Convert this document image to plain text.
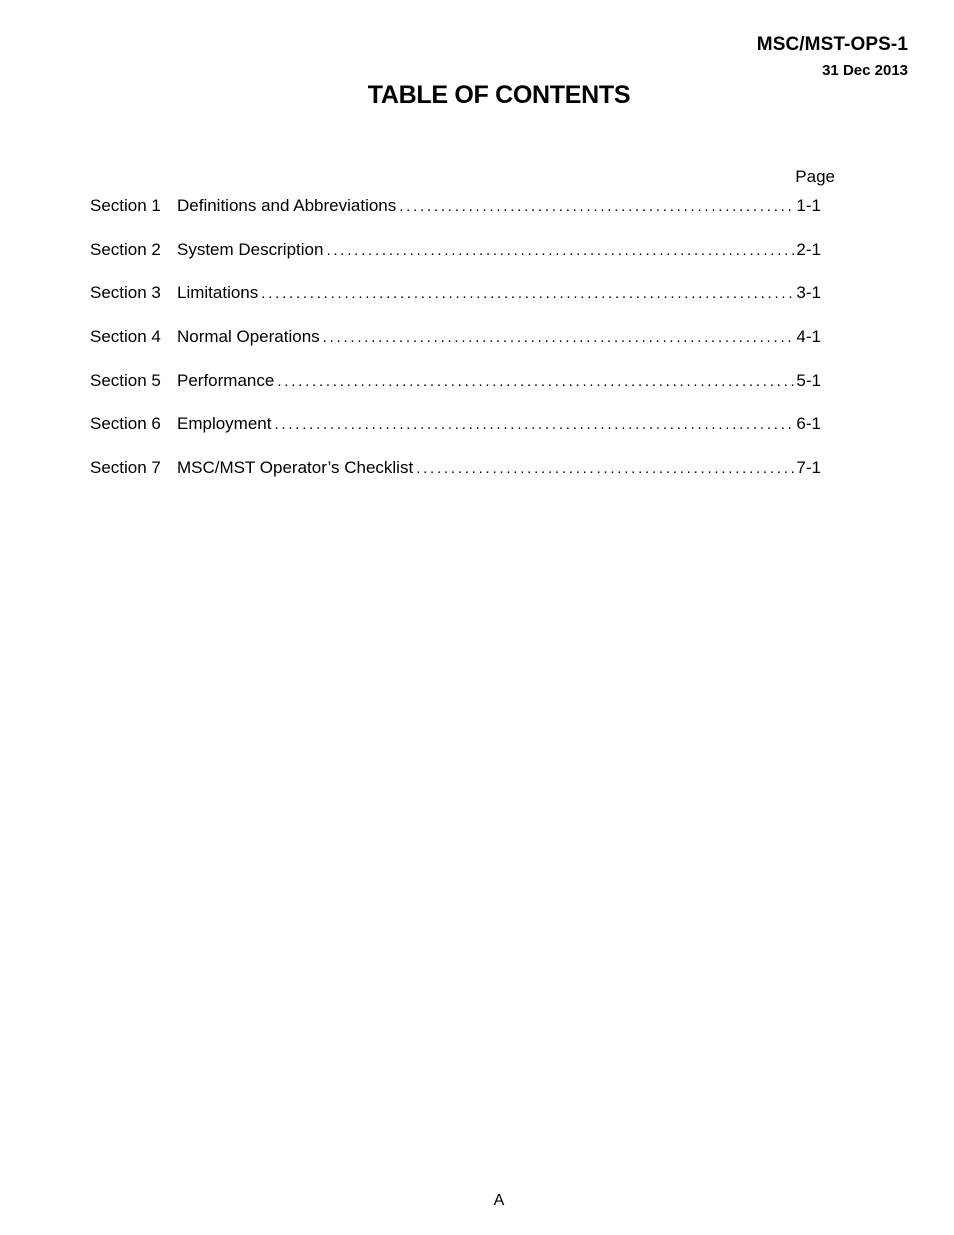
MSC/MST-OPS-1
31 Dec 2013
TABLE OF CONTENTS
Page
Section 1 Definitions and Abbreviations . . .	1-1
Section 2 System Description . . .	2-1
Section 3 Limitations . . .	3-1
Section 4 Normal Operations . . .	4-1
Section 5 Performance . . .	5-1
Section 6 Employment . . .	6-1
Section 7 MSC/MST Operator’s Checklist . . .	7-1
A
